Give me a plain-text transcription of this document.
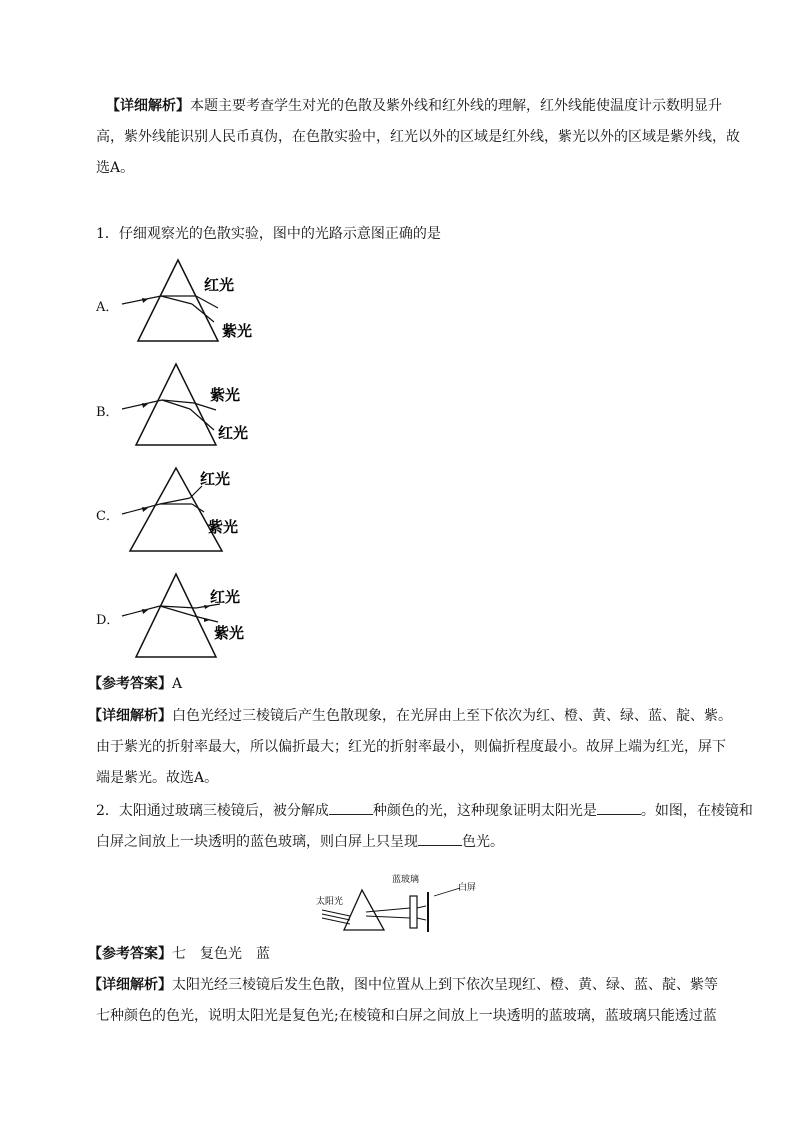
【详细解析】本题主要考查学生对光的色散及紫外线和红外线的理解，红外线能使温度计示数明显升
高，紫外线能识别人民币真伪，在色散实验中，红光以外的区域是红外线，紫光以外的区域是紫外线，故
选A。
1．仔细观察光的色散实验，图中的光路示意图正确的是
A．
红光
紫光
B．
紫光
红光
C．
红光
紫光
D．
红光
紫光
【参考答案】A
【详细解析】白色光经过三棱镜后产生色散现象，在光屏由上至下依次为红、橙、黄、绿、蓝、靛、紫。
由于紫光的折射率最大，所以偏折最大；红光的折射率最小，则偏折程度最小。故屏上端为红光，屏下
端是紫光。故选A。
2．太阳通过玻璃三棱镜后，被分解成	种颜色的光，这种现象证明太阳光是	。如图，在棱镜和
白屏之间放上一块透明的蓝色玻璃，则白屏上只呈现	色光。
太阳光
蓝玻璃
白屏
【参考答案】七　复色光　蓝
【详细解析】太阳光经三棱镜后发生色散，图中位置从上到下依次呈现红、橙、黄、绿、蓝、靛、紫等
七种颜色的色光，说明太阳光是复色光;在棱镜和白屏之间放上一块透明的蓝玻璃，蓝玻璃只能透过蓝
